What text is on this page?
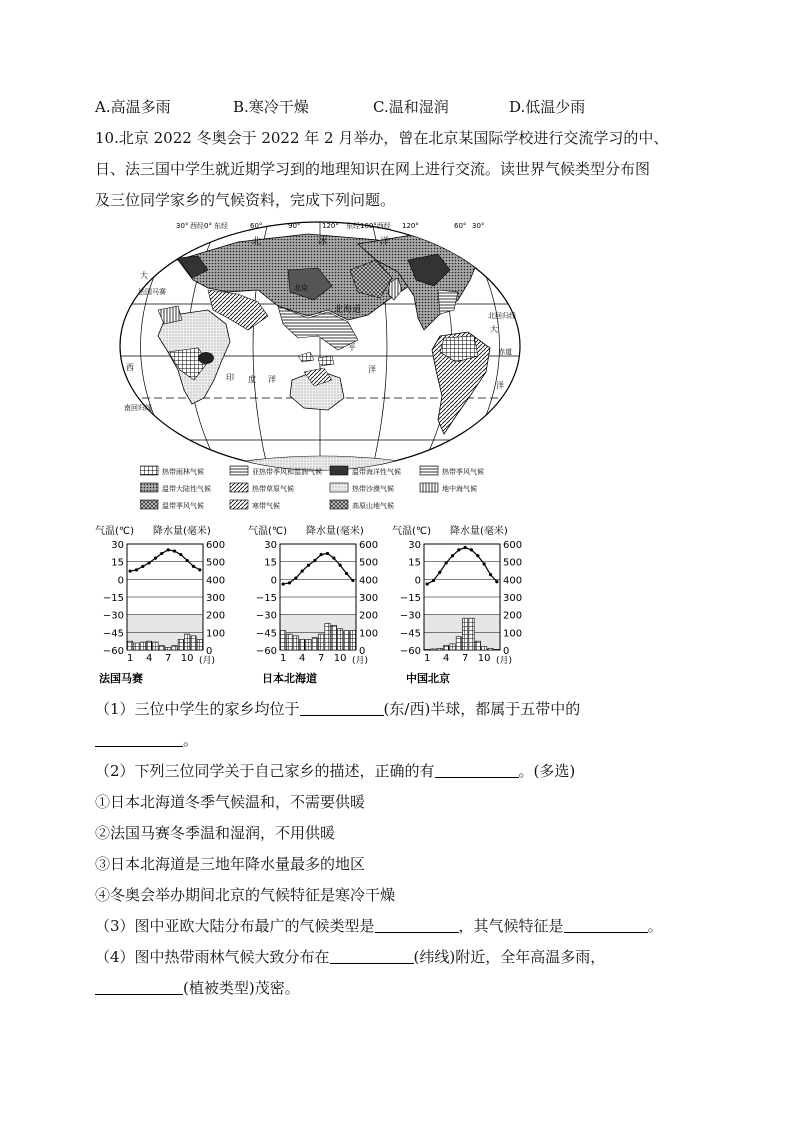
A.高温多雨	B.寒冷干燥	C.温和湿润	D.低温少雨
10.北京 2022 冬奥会于 2022 年 2 月举办，曾在北京某国际学校进行交流学习的中、
日、法三国中学生就近期学习到的地理知识在网上进行交流。读世界气候类型分布图
及三位同学家乡的气候资料，完成下列问题。
30° 西经0° 东经	60°	90°	120° 东经180°西经 120°	60° 30°
北	冰	洋
北海道
大
平
洋
印 度 洋
大
西
洋
法国马赛
北回归线
赤道
南回归线
北京
热带雨林气候	亚热带季风和湿润气候	温带海洋性气候	热带季风气候
温带大陆性气候	热带草原气候	热带沙漠气候	地中海气候
温带季风气候	寒带气候	高原山地气候
气温(℃) 降水量(毫米)
30	600
15	500
0	400
−15	300
−30	200
−45	100
−60	0
1 4 7 10 (月)
法国马赛
气温(℃) 降水量(毫米)
30	600
15	500
0	400
−15	300
−30	200
−45	100
−60	0
1 4 7 10 (月)
日本北海道
气温(℃) 降水量(毫米)
30	600
15	500
0	400
−15	300
−30	200
−45	100
−60	0
1 4 7 10 (月)
中国北京
（1）三位中学生的家乡均位于	(东/西)半球，都属于五带中的
。
（2）下列三位同学关于自己家乡的描述，正确的有	。(多选)
①日本北海道冬季气候温和，不需要供暖
②法国马赛冬季温和湿润，不用供暖
③日本北海道是三地年降水量最多的地区
④冬奥会举办期间北京的气候特征是寒冷干燥
（3）图中亚欧大陆分布最广的气候类型是	，其气候特征是	。
（4）图中热带雨林气候大致分布在	(纬线)附近，全年高温多雨，
(植被类型)茂密。
